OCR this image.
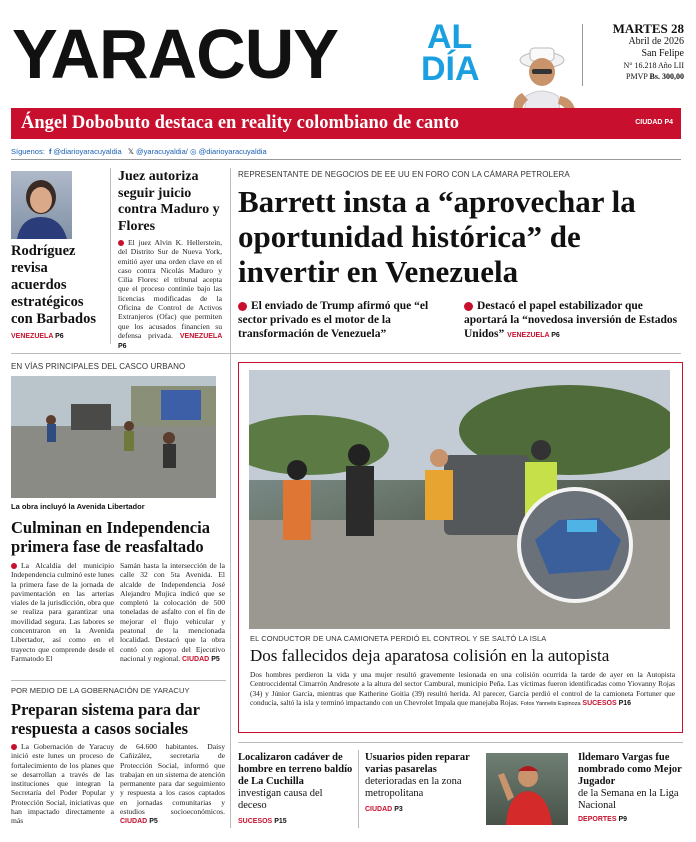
YARACUY	AL
DÍA
MARTES 28
Abril de 2026
San Felipe
N° 16.218 Año LII
PMVP Bs. 300,00
Ángel Dobobuto destaca en reality colombiano de canto	CIUDAD P4
Síguenos: f @diarioyaracuyaldia 𝕏 @yaracuyaldia/ ◎ @diarioyaracuyaldia
Rodríguez revisa acuerdos estratégicos con Barbados
VENEZUELA P6
Juez autoriza seguir juicio contra Maduro y Flores
El juez Alvin K. Hellerstein, del Distrito Sur de Nueva York, emitió ayer una orden clave en el caso contra Nicolás Maduro y Cilia Flores: el tribunal acepta que el proceso continúe bajo las licencias modificadas de la Oficina de Control de Activos Extranjeros (Ofac) que permiten que los acusados financien su defensa privada. VENEZUELA P6
REPRESENTANTE DE NEGOCIOS DE EE UU EN FORO CON LA CÁMARA PETROLERA
Barrett insta a “aprovechar la oportunidad histórica” de invertir en Venezuela
El enviado de Trump afirmó que “el sector privado es el motor de la transformación de Venezuela”
Destacó el papel estabilizador que aportará la “novedosa inversión de Estados Unidos” VENEZUELA P6
EN VÍAS PRINCIPALES DEL CASCO URBANO
La obra incluyó la Avenida Libertador
Culminan en Independencia primera fase de reasfaltado
La Alcaldía del municipio Independencia culminó este lunes la primera fase de la jornada de pavimentación en las arterias viales de la jurisdicción, obra que se realiza para garantizar una movilidad segura. Las labores se concentraron en la Avenida Libertador, así como en el trayecto que comprende desde el Farmatodo El
Samán hasta la intersección de la calle 32 con 5ta Avenida. El alcalde de Independencia José Alejandro Mujica indicó que se completó la colocación de 500 toneladas de asfalto con el fin de mejorar el flujo vehicular y peatonal de la mencionada localidad. Destacó que la obra contó con apoyo del Ejecutivo nacional y regional. CIUDAD P5
EL CONDUCTOR DE UNA CAMIONETA PERDIÓ EL CONTROL Y SE SALTÓ LA ISLA
Dos fallecidos deja aparatosa colisión en la autopista
Dos hombres perdieron la vida y una mujer resultó gravemente lesionada en una colisión ocurrida la tarde de ayer en la Autopista Centroccidental Cimarrón Andresote a la altura del sector Cambural, municipio Peña. Las víctimas fueron identificadas como Yiovanny Rojas (34) y Júnior García, mientras que Katherine Goitia (39) resultó herida. Al parecer, García perdió el control de la camioneta Fortuner que conducía, saltó la isla y terminó impactando con un Chevrolet Impala que manejaba Rojas. Fotos Yannelis Espinoza SUCESOS P16
POR MEDIO DE LA GOBERNACIÓN DE YARACUY
Preparan sistema para dar respuesta a casos sociales
La Gobernación de Yaracuy inició este lunes un proceso de fortalecimiento de los planes que se desarrollan a través de las instituciones que integran la Secretaría del Poder Popular y Protección Social, iniciativas que han impactado directamente a más
de 64.600 habitantes. Daisy Cañizález, secretaria de Protección Social, informó que trabajan en un sistema de atención permanente para dar seguimiento y respuesta a los casos captados en jornadas comunitarias y estudios socioeconómicos. CIUDAD P5
Localizaron cadáver de hombre en terreno baldío de La Cuchilla
investigan causa del deceso
SUCESOS P15
Usuarios piden reparar varias pasarelas
deterioradas en la zona metropolitana
CIUDAD P3
Ildemaro Vargas fue nombrado como Mejor Jugador
de la Semana en la Liga Nacional
DEPORTES P9
